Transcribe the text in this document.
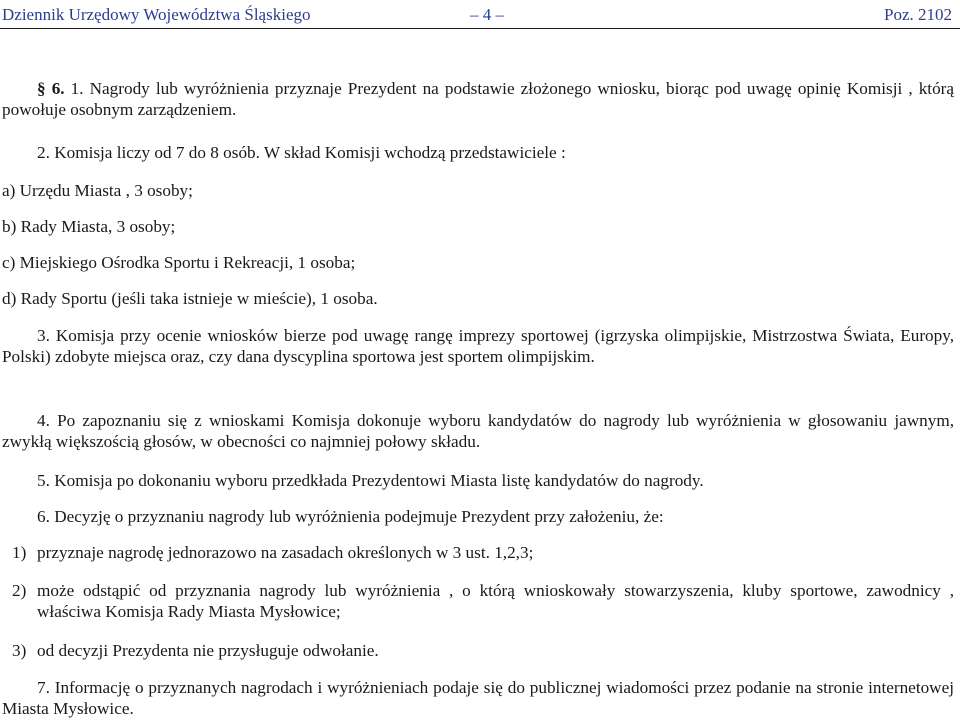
Dziennik Urzędowy Województwa Śląskiego	– 4 –	Poz. 2102

§ 6. 1. Nagrody lub wyróżnienia przyznaje Prezydent na podstawie złożonego wniosku, biorąc pod uwagę opinię Komisji , którą powołuje osobnym zarządzeniem.

2. Komisja liczy od 7 do 8 osób. W skład Komisji wchodzą przedstawiciele :

a) Urzędu Miasta , 3 osoby;

b) Rady Miasta, 3 osoby;

c) Miejskiego Ośrodka Sportu i Rekreacji, 1 osoba;

d) Rady Sportu (jeśli taka istnieje w mieście), 1 osoba.

3. Komisja przy ocenie wniosków bierze pod uwagę rangę imprezy sportowej (igrzyska olimpijskie, Mistrzostwa Świata, Europy, Polski) zdobyte miejsca oraz, czy dana dyscyplina sportowa jest sportem olimpijskim.

4. Po zapoznaniu się z wnioskami Komisja dokonuje wyboru kandydatów do nagrody lub wyróżnienia w głosowaniu jawnym, zwykłą większością głosów, w obecności co najmniej połowy składu.

5. Komisja po dokonaniu wyboru przedkłada Prezydentowi Miasta listę kandydatów do nagrody.

6. Decyzję o przyznaniu nagrody lub wyróżnienia podejmuje Prezydent przy założeniu, że:

1) przyznaje nagrodę jednorazowo na zasadach określonych w 3 ust. 1,2,3;
2) może odstąpić od przyznania nagrody lub wyróżnienia , o którą wnioskowały stowarzyszenia, kluby sportowe, zawodnicy , właściwa Komisja Rady Miasta Mysłowice;
3) od decyzji Prezydenta nie przysługuje odwołanie.

7. Informację o przyznanych nagrodach i wyróżnieniach podaje się do publicznej wiadomości przez podanie na stronie internetowej Miasta Mysłowice.
